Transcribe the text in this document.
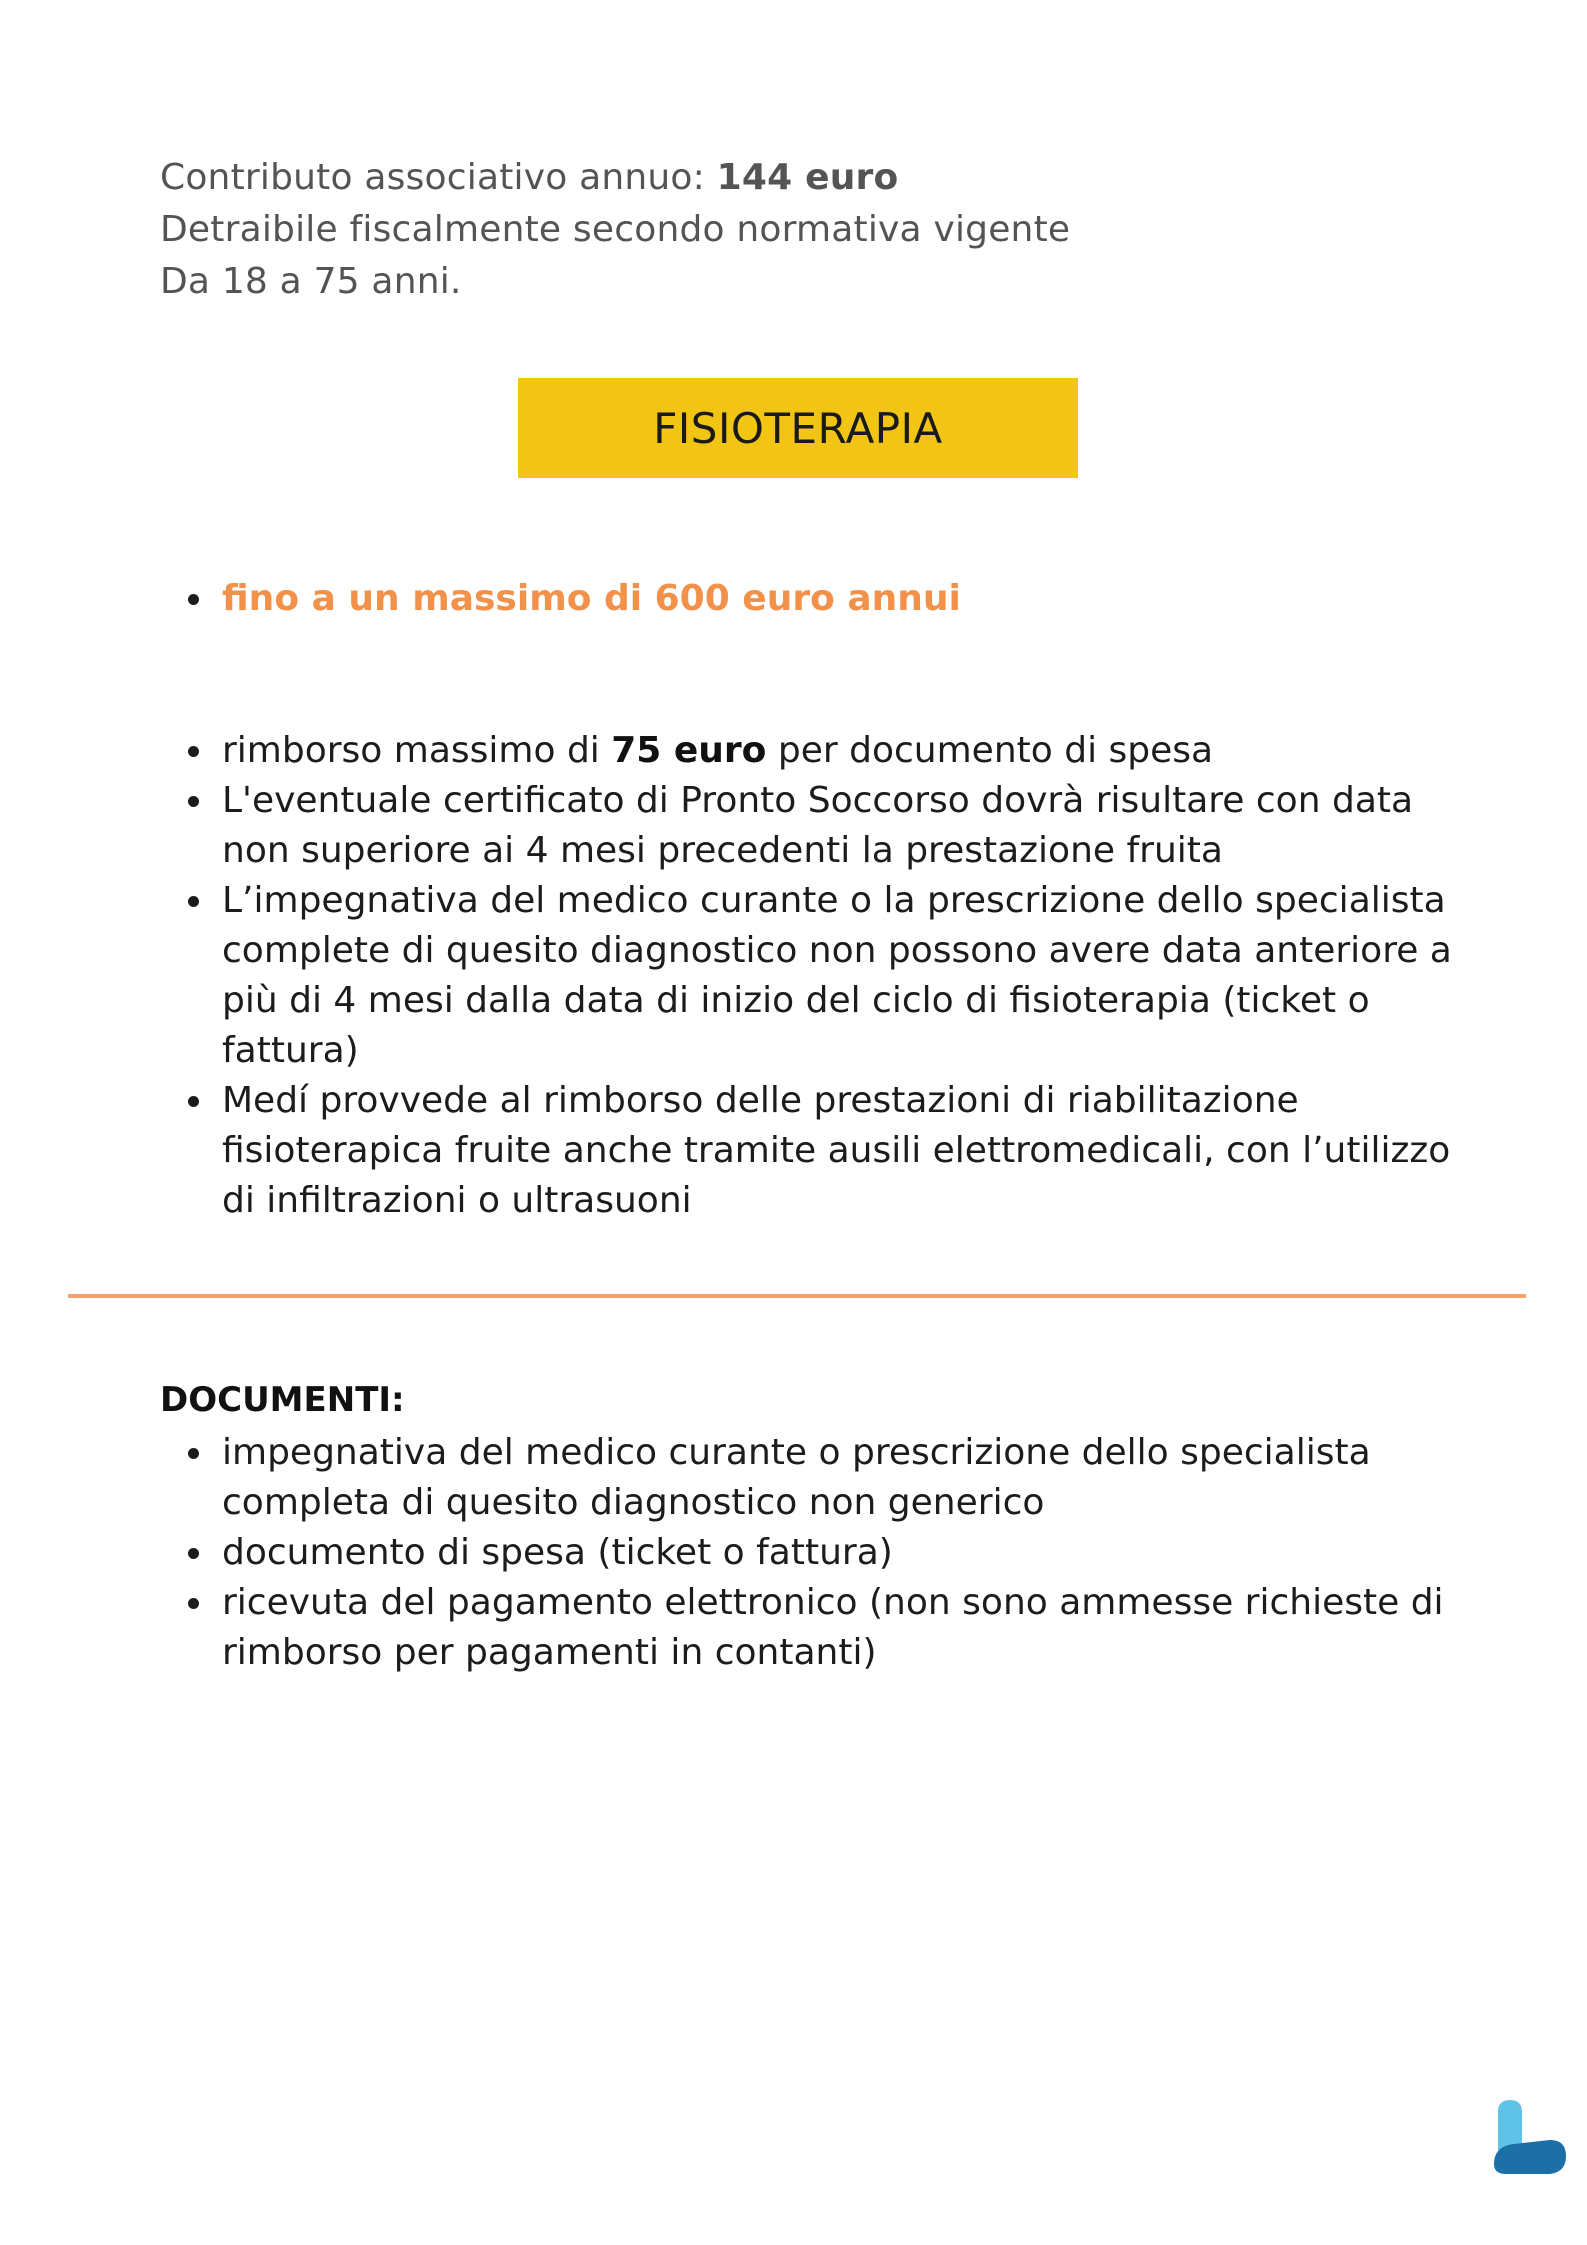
Contributo associativo annuo: 144 euro
Detraibile fiscalmente secondo normativa vigente
Da 18 a 75 anni.
FISIOTERAPIA
fino a un massimo di 600 euro annui
rimborso massimo di 75 euro per documento di spesa
L'eventuale certificato di Pronto Soccorso dovrà risultare con data non superiore ai 4 mesi precedenti la prestazione fruita
L’impegnativa del medico curante o la prescrizione dello specialista complete di quesito diagnostico non possono avere data anteriore a più di 4 mesi dalla data di inizio del ciclo di fisioterapia (ticket o fattura)
Medí provvede al rimborso delle prestazioni di riabilitazione fisioterapica fruite anche tramite ausili elettromedicali, con l’utilizzo di infiltrazioni o ultrasuoni
DOCUMENTI:
impegnativa del medico curante o prescrizione dello specialista completa di quesito diagnostico non generico
documento di spesa (ticket o fattura)
ricevuta del pagamento elettronico (non sono ammesse richieste di rimborso per pagamenti in contanti)
